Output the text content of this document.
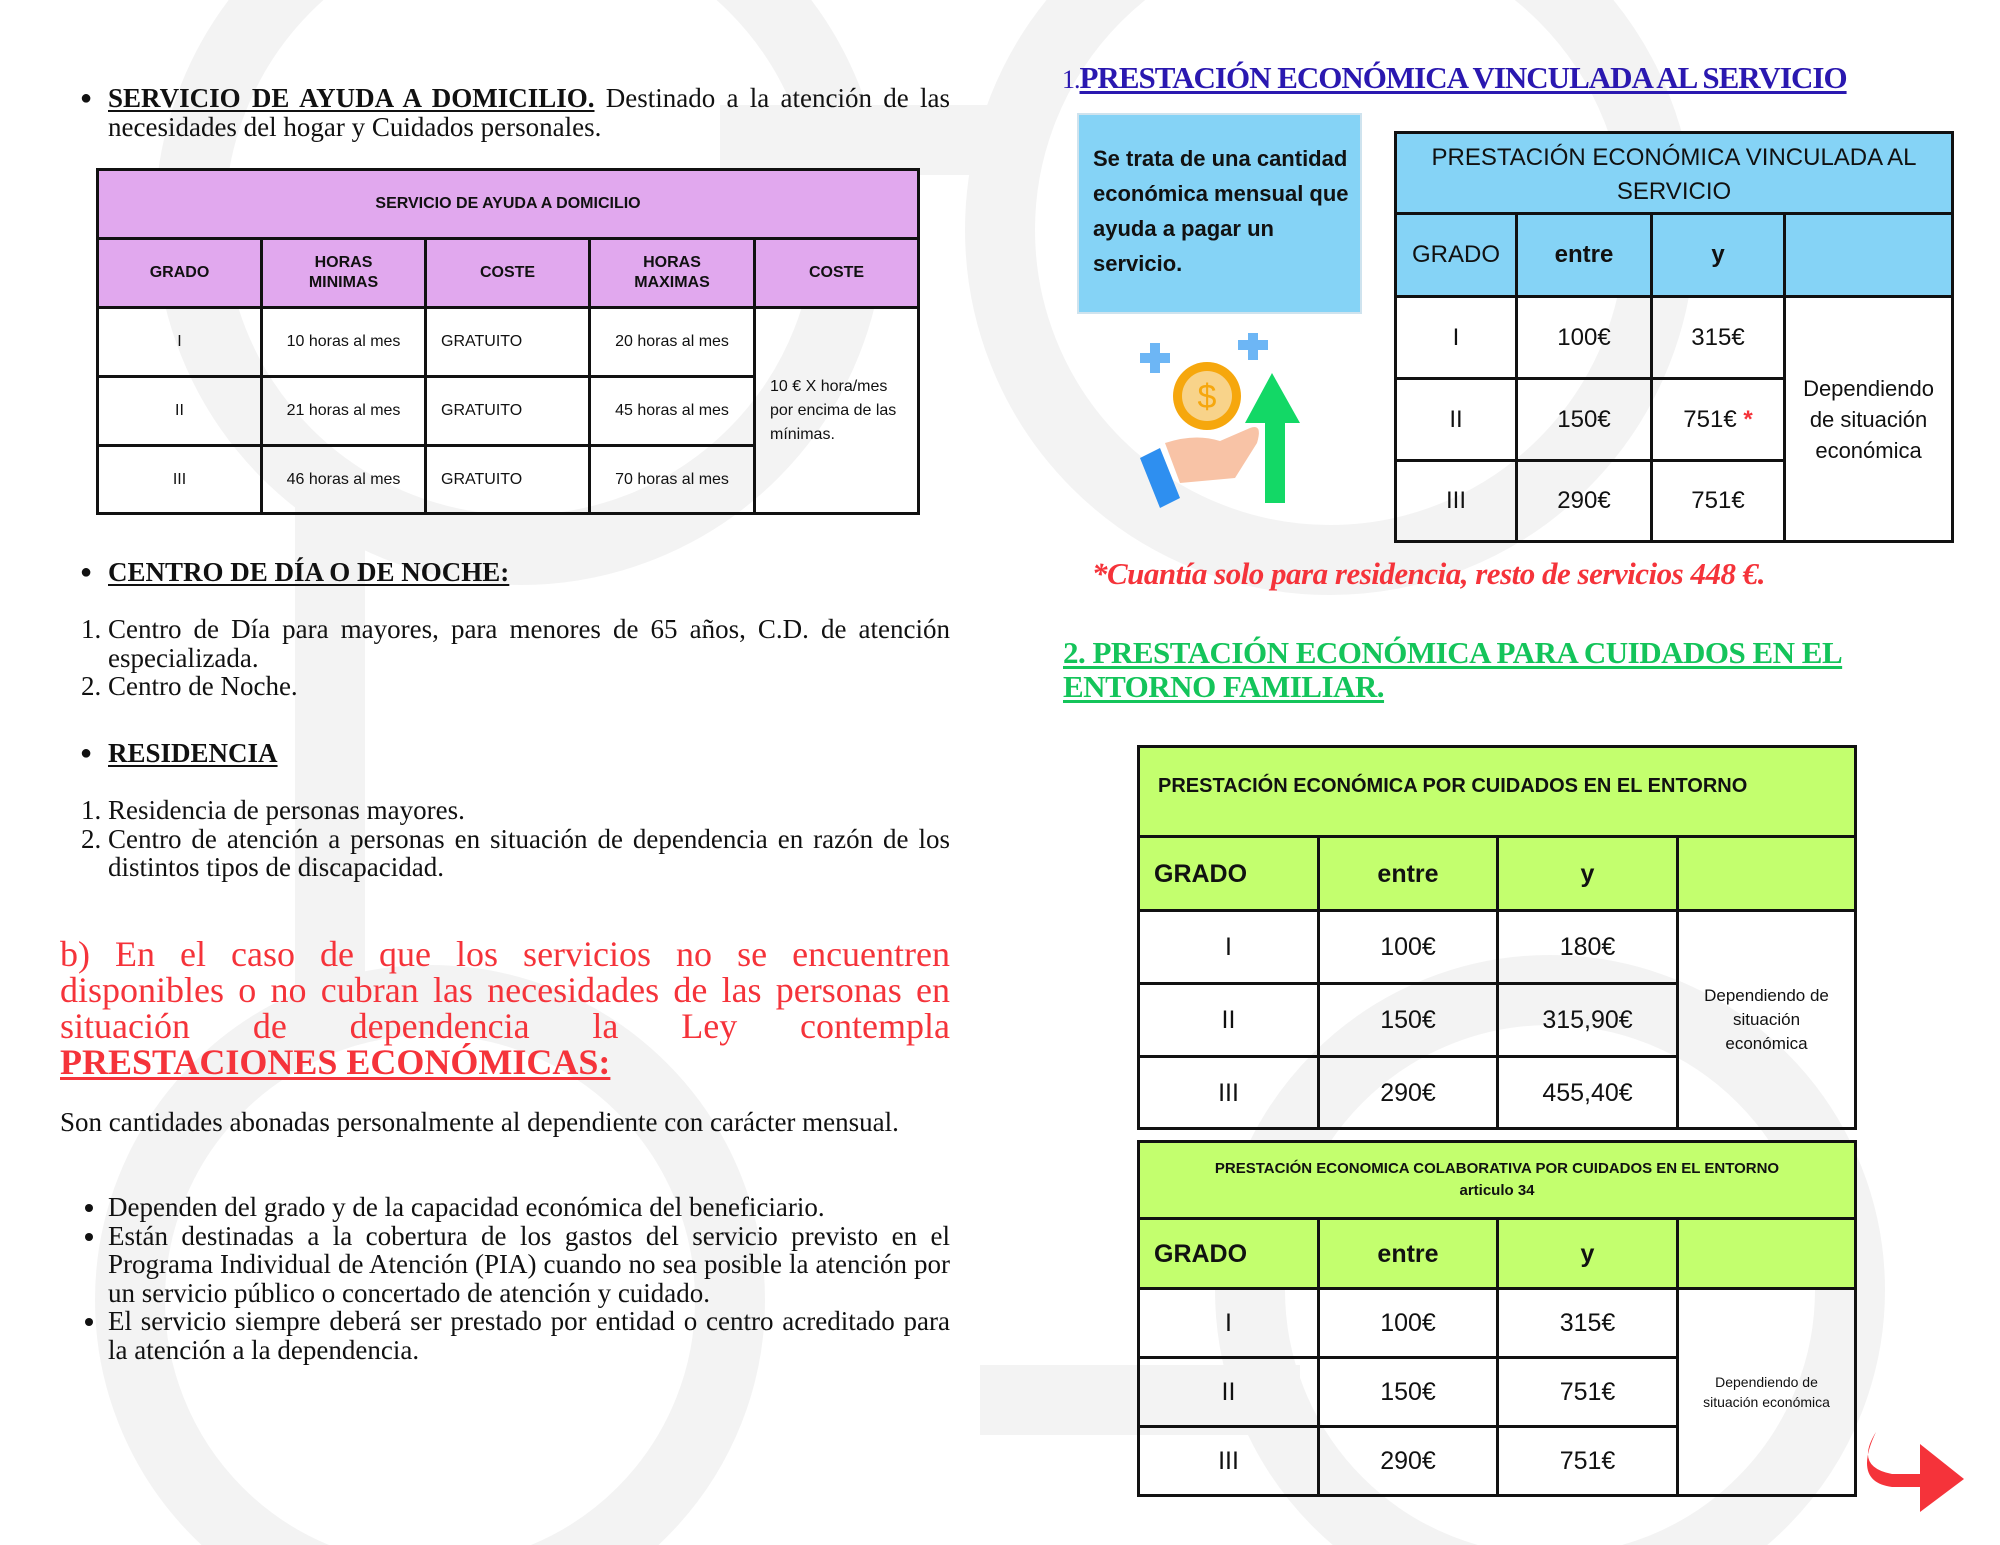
● SERVICIO DE AYUDA A DOMICILIO. Destinado a la atención de las necesidades del hogar y Cuidados personales.
SERVICIO DE AYUDA A DOMICILIO				
GRADO	HORAS MINIMAS	COSTE	HORAS MAXIMAS	COSTE
I	10 horas al mes	GRATUITO	20 horas al mes	10 € X hora/mes por encima de las mínimas.
II	21 horas al mes	GRATUITO	45 horas al mes	
III	46 horas al mes	GRATUITO	70 horas al mes	
● CENTRO DE DÍA O DE NOCHE:
1. Centro de Día para mayores, para menores de 65 años, C.D. de atención especializada.
2. Centro de Noche.
● RESIDENCIA
1. Residencia de personas mayores.
2. Centro de atención a personas en situación de dependencia en razón de los distintos tipos de discapacidad.
b) En el caso de que los servicios no se encuentren disponibles o no cubran las necesidades de las personas en situación de dependencia la Ley contempla PRESTACIONES ECONÓMICAS:
Son cantidades abonadas personalmente al dependiente con carácter mensual.
• Dependen del grado y de la capacidad económica del beneficiario.
• Están destinadas a la cobertura de los gastos del servicio previsto en el Programa Individual de Atención (PIA) cuando no sea posible la atención por un servicio público o concertado de atención y cuidado.
• El servicio siempre deberá ser prestado por entidad o centro acreditado para la atención a la dependencia.
1.PRESTACIÓN ECONÓMICA VINCULADA AL SERVICIO
Se trata de una cantidad económica mensual que ayuda a pagar un servicio.
$
PRESTACIÓN ECONÓMICA VINCULADA AL SERVICIO			
GRADO	entre	y	
I	100€	315€	Dependiendo de situación económica
II	150€	751€ *	
III	290€	751€	
*Cuantía solo para residencia, resto de servicios 448 €.
2. PRESTACIÓN ECONÓMICA PARA CUIDADOS EN EL ENTORNO FAMILIAR.
PRESTACIÓN ECONÓMICA POR CUIDADOS EN EL ENTORNO			
GRADO	entre	y	
I	100€	180€	Dependiendo de situación económica
II	150€	315,90€	
III	290€	455,40€	
PRESTACIÓN ECONOMICA COLABORATIVA POR CUIDADOS EN EL ENTORNO
articulo 34			

GRADO	entre	y	
I	100€	315€	Dependiendo de situación económica
II	150€	751€	
III	290€	751€	
